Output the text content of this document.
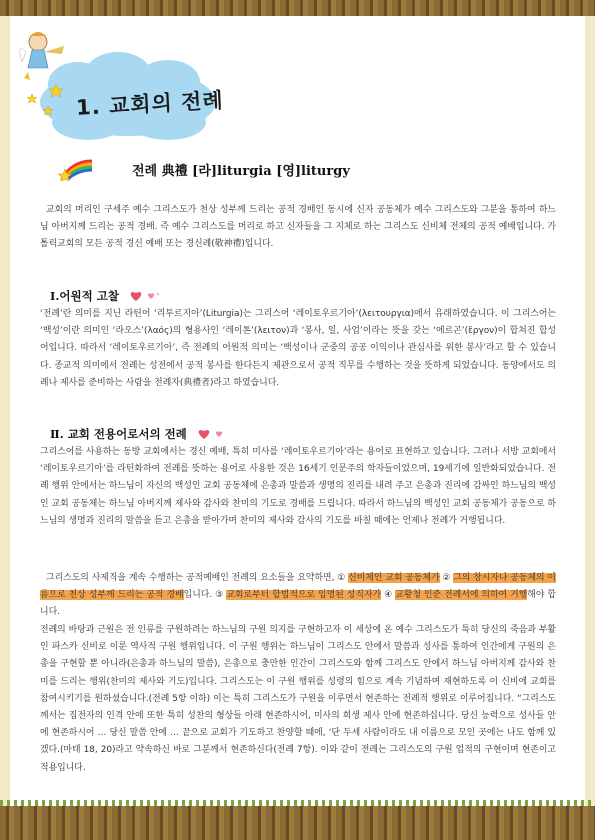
1. 교회의 전례
전례 典禮 [라]liturgia [영]liturgy
교회의 머리인 구세주 예수 그리스도가 천상 성부께 드리는 공적 경배인 동시에 신자 공동체가 예수 그리스도와 그분을 통하여 하느님 아버지께 드리는 공적 경배. 즉 예수 그리스도를 머리로 하고 신자들을 그 지체로 하는 그리스도 신비체 전체의 공적 예배입니다. 가톨릭교회의 모든 공적 경신 예배 또는 경신례(敬神禮)입니다.
Ⅰ.어원적 고찰
‘전례’란 의미를 지닌 라틴어 ‘리투르지아’(Liturgia)는 그리스어 ‘레이토우르기아’(λειτουργια)에서 유래하였습니다. 이 그리스어는 ‘백성’이란 의미인 ‘라오스’(λαός)의 형용사인 ‘레이톤’(λειτον)과 ‘봉사, 일, 사업’이라는 뜻을 갖는 ‘에르곤’(ἔργον)이 합쳐진 합성어입니다. 따라서 ‘레이토우르기아’, 즉 전례의 어원적 의미는 ‘백성이나 군중의 공공 이익이나 관심사를 위한 봉사’라고 할 수 있습니다. 종교적 의미에서 전례는 성전에서 공적 봉사를 한다든지 제관으로서 공적 직무를 수행하는 것을 뜻하게 되었습니다. 동양에서도 의례나 제사를 준비하는 사람을 전례자(典禮者)라고 하였습니다.
Ⅱ. 교회 전용어로서의 전례
그리스어를 사용하는 동방 교회에서는 경신 예배, 특히 미사를 ‘레이토우르기아’라는 용어로 표현하고 있습니다. 그러나 서방 교회에서 ‘레이토우르기아’를 라틴화하여 전례를 뜻하는 용어로 사용한 것은 16세기 인문주의 학자들이었으며, 19세기에 일반화되었습니다. 전례 행위 안에서는 하느님이 자신의 백성인 교회 공동체에 은총과 말씀과 생명의 진리를 내려 주고 은총과 진리에 감싸인 하느님의 백성인 교회 공동체는 하느님 아버지께 제사와 감사와 찬미의 기도로 경배를 드립니다. 따라서 하느님의 백성인 교회 공동체가 공동으로 하느님의 생명과 진리의 말씀을 듣고 은총을 받아가며 찬미의 제사와 감사의 기도를 바칠 때에는 언제나 전례가 거행됩니다.
그리스도의 사제직을 계속 수행하는 공적예배인 전례의 요소들을 요약하면, ① 신비체인 교회 공동체가 ② 그의 창시자나 공동체의 이름으로 천상 성부께 드리는 공적 경배입니다. ③ 교회로부터 합법적으로 임명된 성직자가 ④ 교황청 인준 전례서에 의하여 거행해야 합니다.
전례의 바탕과 근원은 전 인류를 구원하려는 하느님의 구원 의지를 구현하고자 이 세상에 온 예수 그리스도가 특히 당신의 죽음과 부활인 파스카 신비로 이룬 역사적 구원 행위입니다. 이 구원 행위는 하느님이 그리스도 안에서 말씀과 성사를 통하여 인간에게 구원의 은총을 구현할 뿐 아니라(은총과 하느님의 말씀), 은총으로 충만한 인간이 그리스도와 함께 그리스도 안에서 하느님 아버지께 감사와 찬미를 드리는 행위(찬미의 제사와 기도)입니다. 그리스도는 이 구원 행위를 성령의 힘으로 계속 기념하며 재현하도록 이 신비에 교회를 참여시키기를 원하셨습니다.(전례 5항 이하) 이는 특히 그리스도가 구원을 이루면서 현존하는 전례적 행위로 이루어집니다. “그리스도께서는 집전자의 인격 안에 또한 특히 성찬의 형상들 아래 현존하시어, 미사의 희생 제사 안에 현존하십니다. 당신 능력으로 성사들 안에 현존하시어 … 당신 말씀 안에 … 끝으로 교회가 기도하고 찬양할 때에, ‘단 두세 사람이라도 내 이름으로 모인 곳에는 나도 함께 있겠다.(마태 18, 20)라고 약속하신 바로 그분께서 현존하신다(전례 7항). 이와 같이 전례는 그리스도의 구원 업적의 구현이며 현존이고 적용입니다.
